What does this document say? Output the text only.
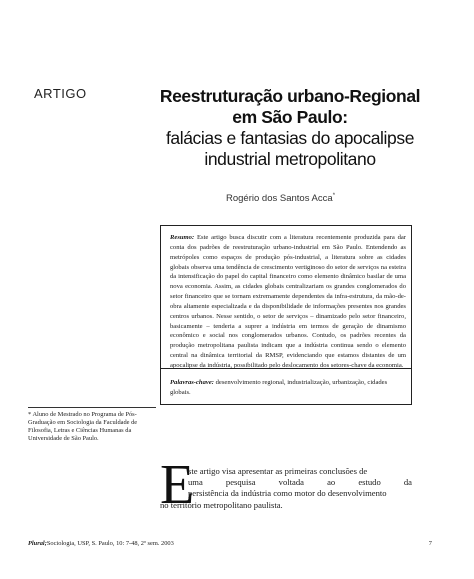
ARTIGO	Reestruturação urbano-Regional
em São Paulo:
falácias e fantasias do apocalipse
industrial metropolitano
Rogério dos Santos Acca*
Resumo: Este artigo busca discutir com a literatura recentemente produzida para dar conta dos padrões de reestruturação urbano-industrial em São Paulo. Entendendo as metrópoles como espaços de produção pós-industrial, a literatura sobre as cidades globais observa uma tendência de crescimento vertiginoso do setor de serviços na esteira da intensificação do papel do capital financeiro como elemento dinâmico basilar de uma nova economia. Assim, as cidades globais centralizariam os grandes conglomerados do setor financeiro que se tornam extremamente dependentes da infra-estrutura, da mão-de-obra altamente especializada e da disponibilidade de informações presentes nos grandes centros urbanos. Nesse sentido, o setor de serviços – dinamizado pelo setor financeiro, basicamente – tenderia a suprer a indústria em termos de geração de dinamismo econômico e social nos conglomerados urbanos. Contudo, os padrões recentes da produção metropolitana paulista indicam que a indústria continua sendo o elemento central na dinâmica territorial da RMSP, evidenciando que estamos distantes de um apocalipse da indústria, possibilitado pelo deslocamento dos setores-chave da economia.
Palavras-chave: desenvolvimento regional, industrialização, urbanização, cidades globais.
* Aluno de Mestrado no Programa de Pós-Graduação em Sociologia da Faculdade de Filosofia, Letras e Ciências Humanas da Universidade de São Paulo.
E
ste artigo visa apresentar as primeiras conclusões de
uma pesquisa voltada ao estudo da
persistência da indústria como motor do desenvolvimento
no território metropolitano paulista.
Plural;Sociologia, USP, S. Paulo, 10: 7-48, 2º sem. 2003	7
